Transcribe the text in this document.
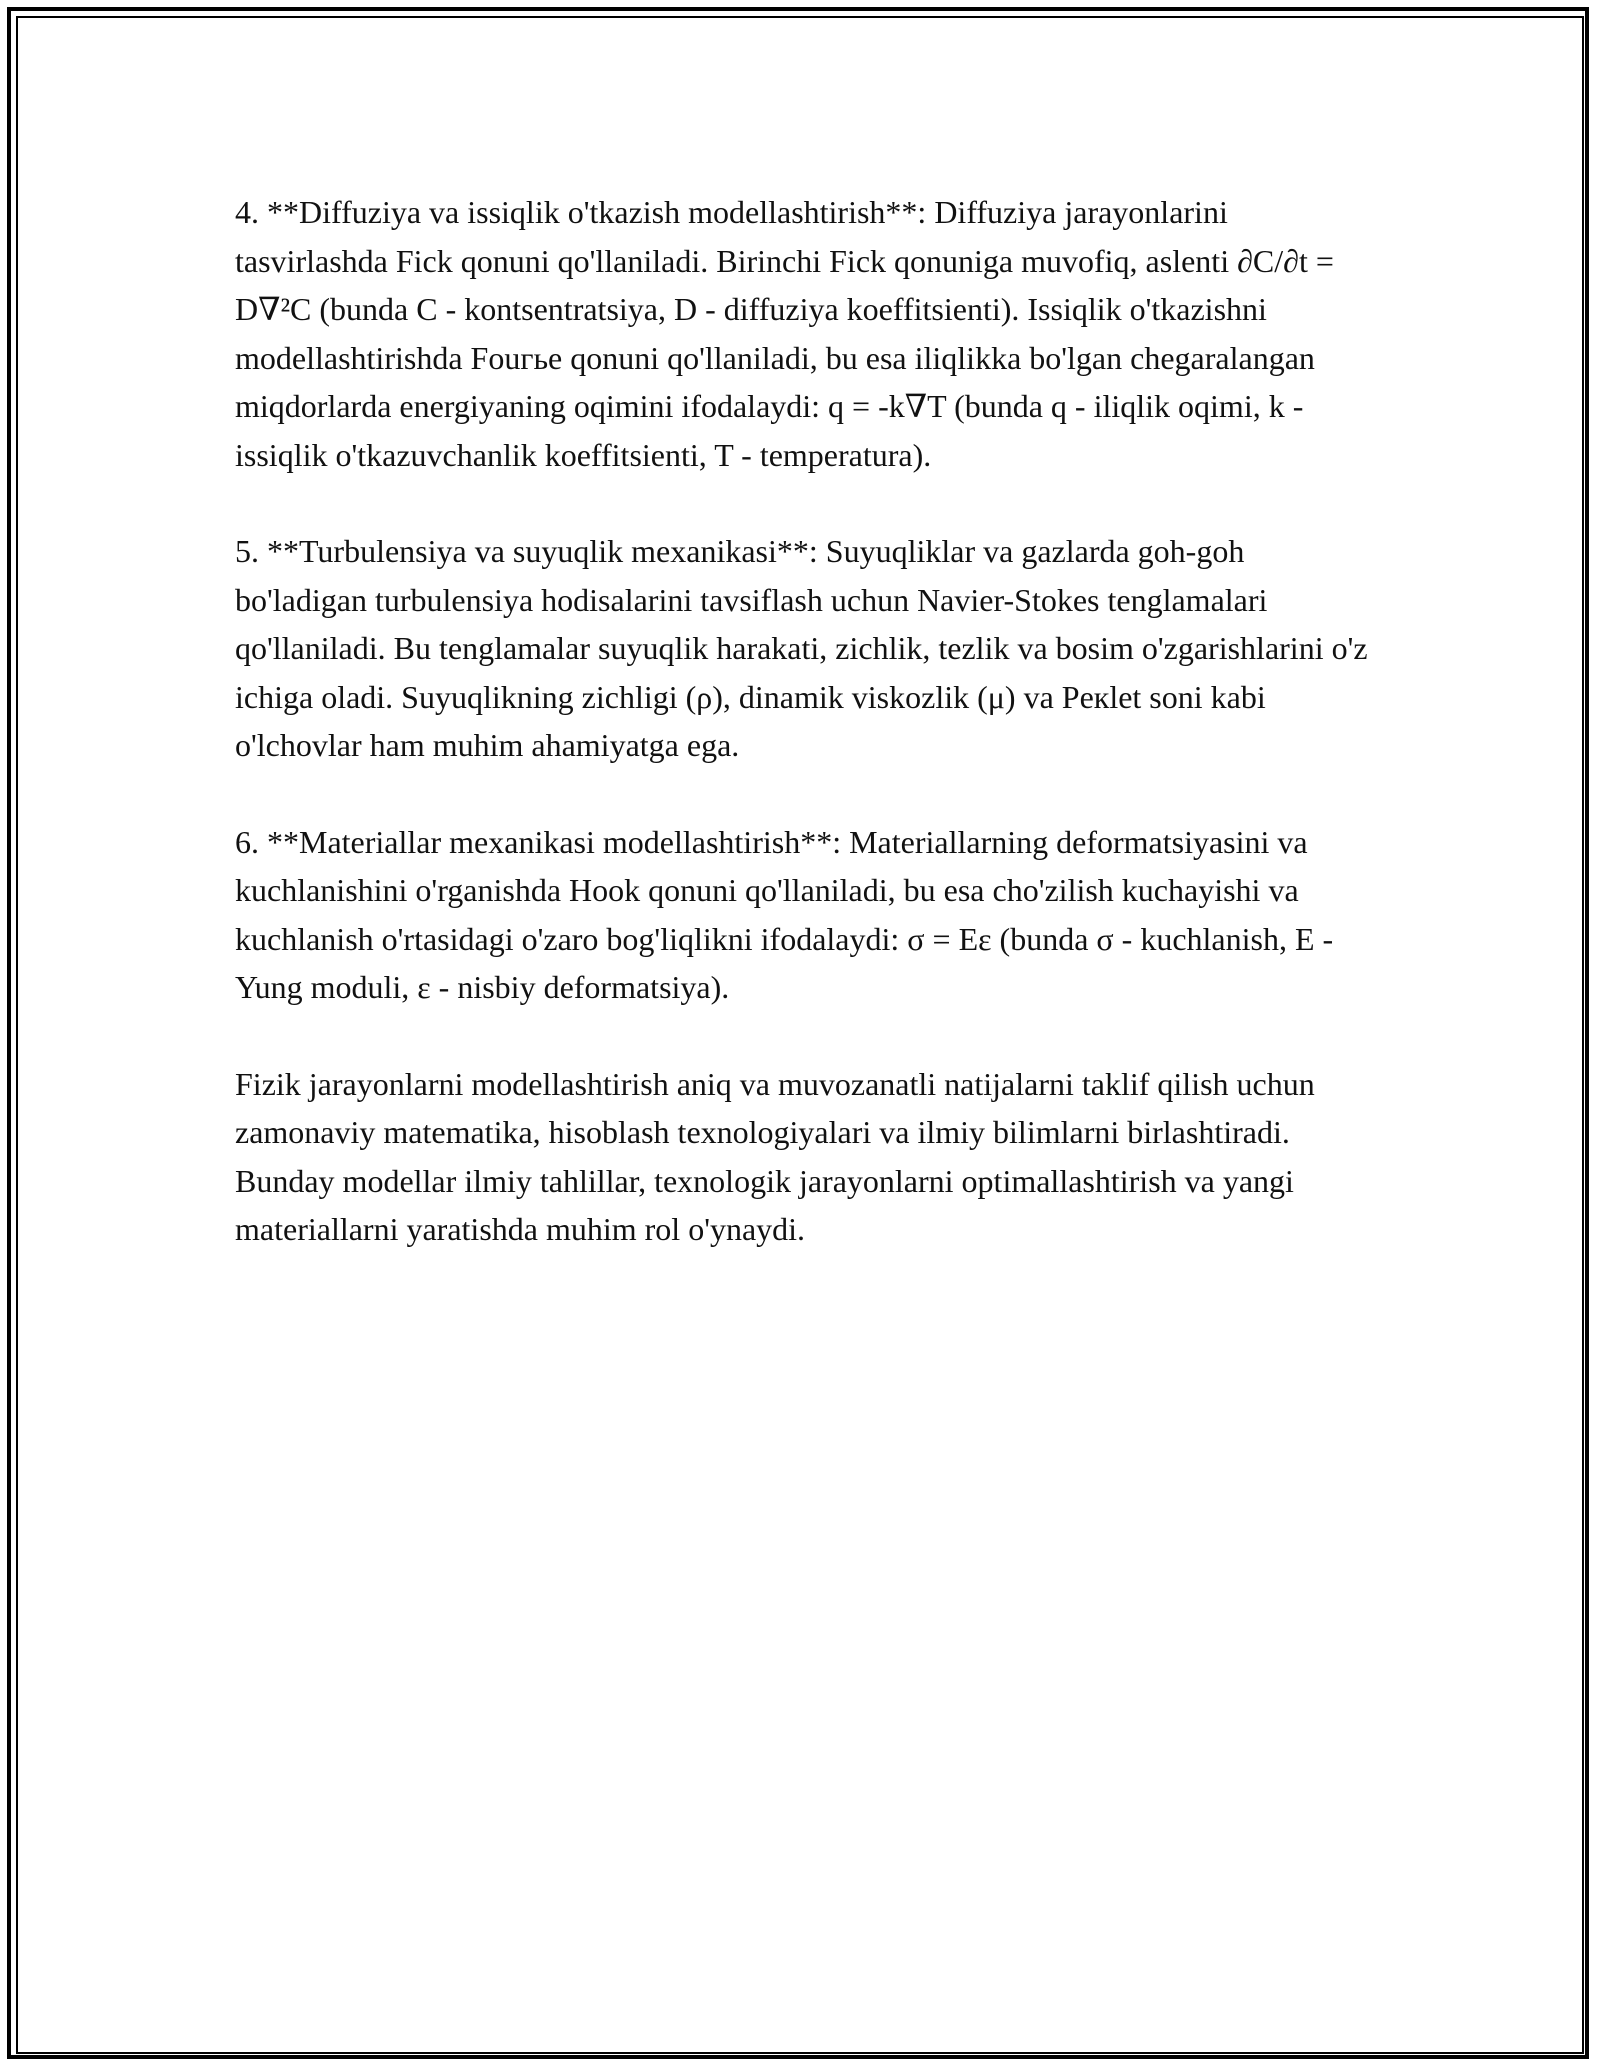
4. **Diffuziya va issiqlik o'tkazish modellashtirish**: Diffuziya jarayonlarini tasvirlashda Fick qonuni qo'llaniladi. Birinchi Fick qonuniga muvofiq, aslenti ∂C/∂t = D∇²C (bunda C - kontsentratsiya, D - diffuziya koeffitsienti). Issiqlik o'tkazishni modellashtirishda Fouгье qonuni qo'llaniladi, bu esa iliqlikka bo'lgan chegaralangan miqdorlarda energiyaning oqimini ifodalaydi: q = -k∇T (bunda q - iliqlik oqimi, k - issiqlik o'tkazuvchanlik koeffitsienti, T - temperatura).

5. **Turbulensiya va suyuqlik mexanikasi**: Suyuqliklar va gazlarda goh-goh bo'ladigan turbulensiya hodisalarini tavsiflash uchun Navier-Stokes tenglamalari qo'llaniladi. Bu tenglamalar suyuqlik harakati, zichlik, tezlik va bosim o'zgarishlarini o'z ichiga oladi. Suyuqlikning zichligi (ρ), dinamik viskozlik (μ) va Peкlet soni kabi o'lchovlar ham muhim ahamiyatga ega.

6. **Materiallar mexanikasi modellashtirish**: Materiallarning deformatsiyasini va kuchlanishini o'rganishda Hook qonuni qo'llaniladi, bu esa cho'zilish kuchayishi va kuchlanish o'rtasidagi o'zaro bog'liqlikni ifodalaydi: σ = Eε (bunda σ - kuchlanish, E - Yung moduli, ε - nisbiy deformatsiya).

Fizik jarayonlarni modellashtirish aniq va muvozanatli natijalarni taklif qilish uchun zamonaviy matematika, hisoblash texnologiyalari va ilmiy bilimlarni birlashtiradi. Bunday modellar ilmiy tahlillar, texnologik jarayonlarni optimallashtirish va yangi materiallarni yaratishda muhim rol o'ynaydi.
